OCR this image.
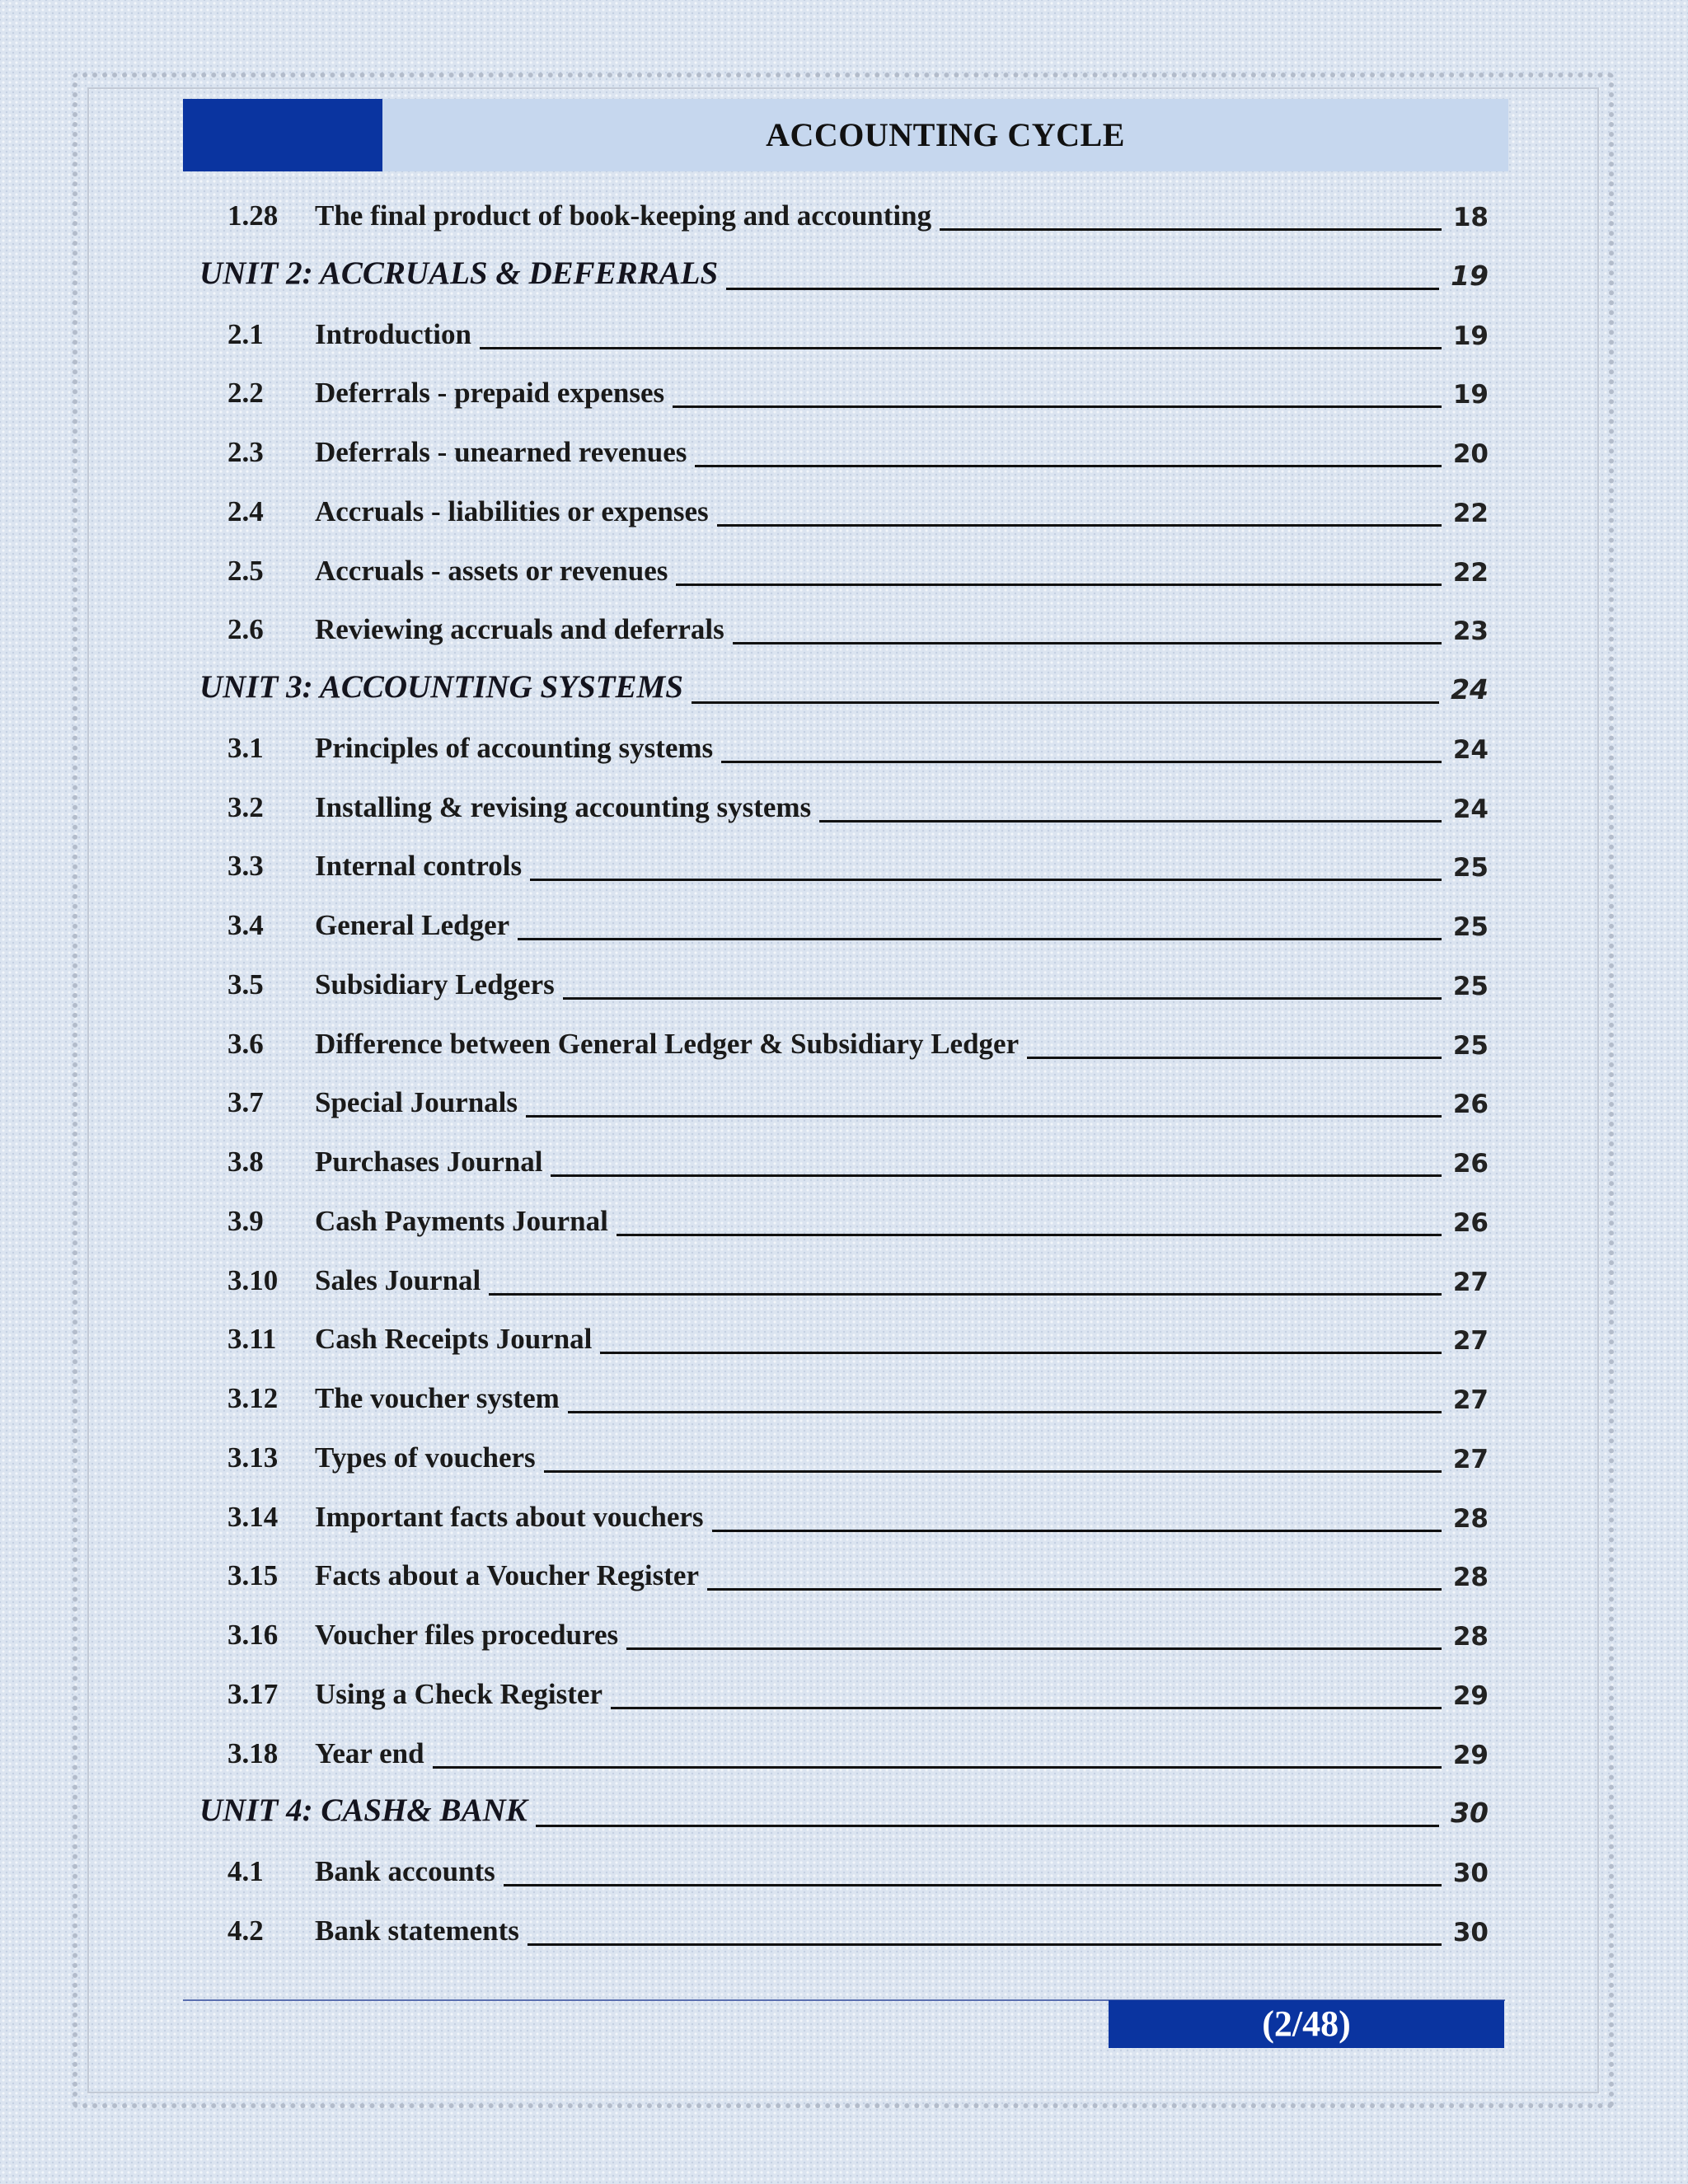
ACCOUNTING CYCLE
1.28 The final product of book-keeping and accounting	18
UNIT 2: ACCRUALS & DEFERRALS	19
2.1 Introduction	19
2.2 Deferrals - prepaid expenses	19
2.3 Deferrals - unearned revenues	20
2.4 Accruals - liabilities or expenses	22
2.5 Accruals - assets or revenues	22
2.6 Reviewing accruals and deferrals	23
UNIT 3: ACCOUNTING SYSTEMS	24
3.1 Principles of accounting systems	24
3.2 Installing & revising accounting systems	24
3.3 Internal controls	25
3.4 General Ledger	25
3.5 Subsidiary Ledgers	25
3.6 Difference between General Ledger & Subsidiary Ledger	25
3.7 Special Journals	26
3.8 Purchases Journal	26
3.9 Cash Payments Journal	26
3.10 Sales Journal	27
3.11 Cash Receipts Journal	27
3.12 The voucher system	27
3.13 Types of vouchers	27
3.14 Important facts about vouchers	28
3.15 Facts about a Voucher Register	28
3.16 Voucher files procedures	28
3.17 Using a Check Register	29
3.18 Year end	29
UNIT 4: CASH& BANK	30
4.1 Bank accounts	30
4.2 Bank statements	30
(2/48)
